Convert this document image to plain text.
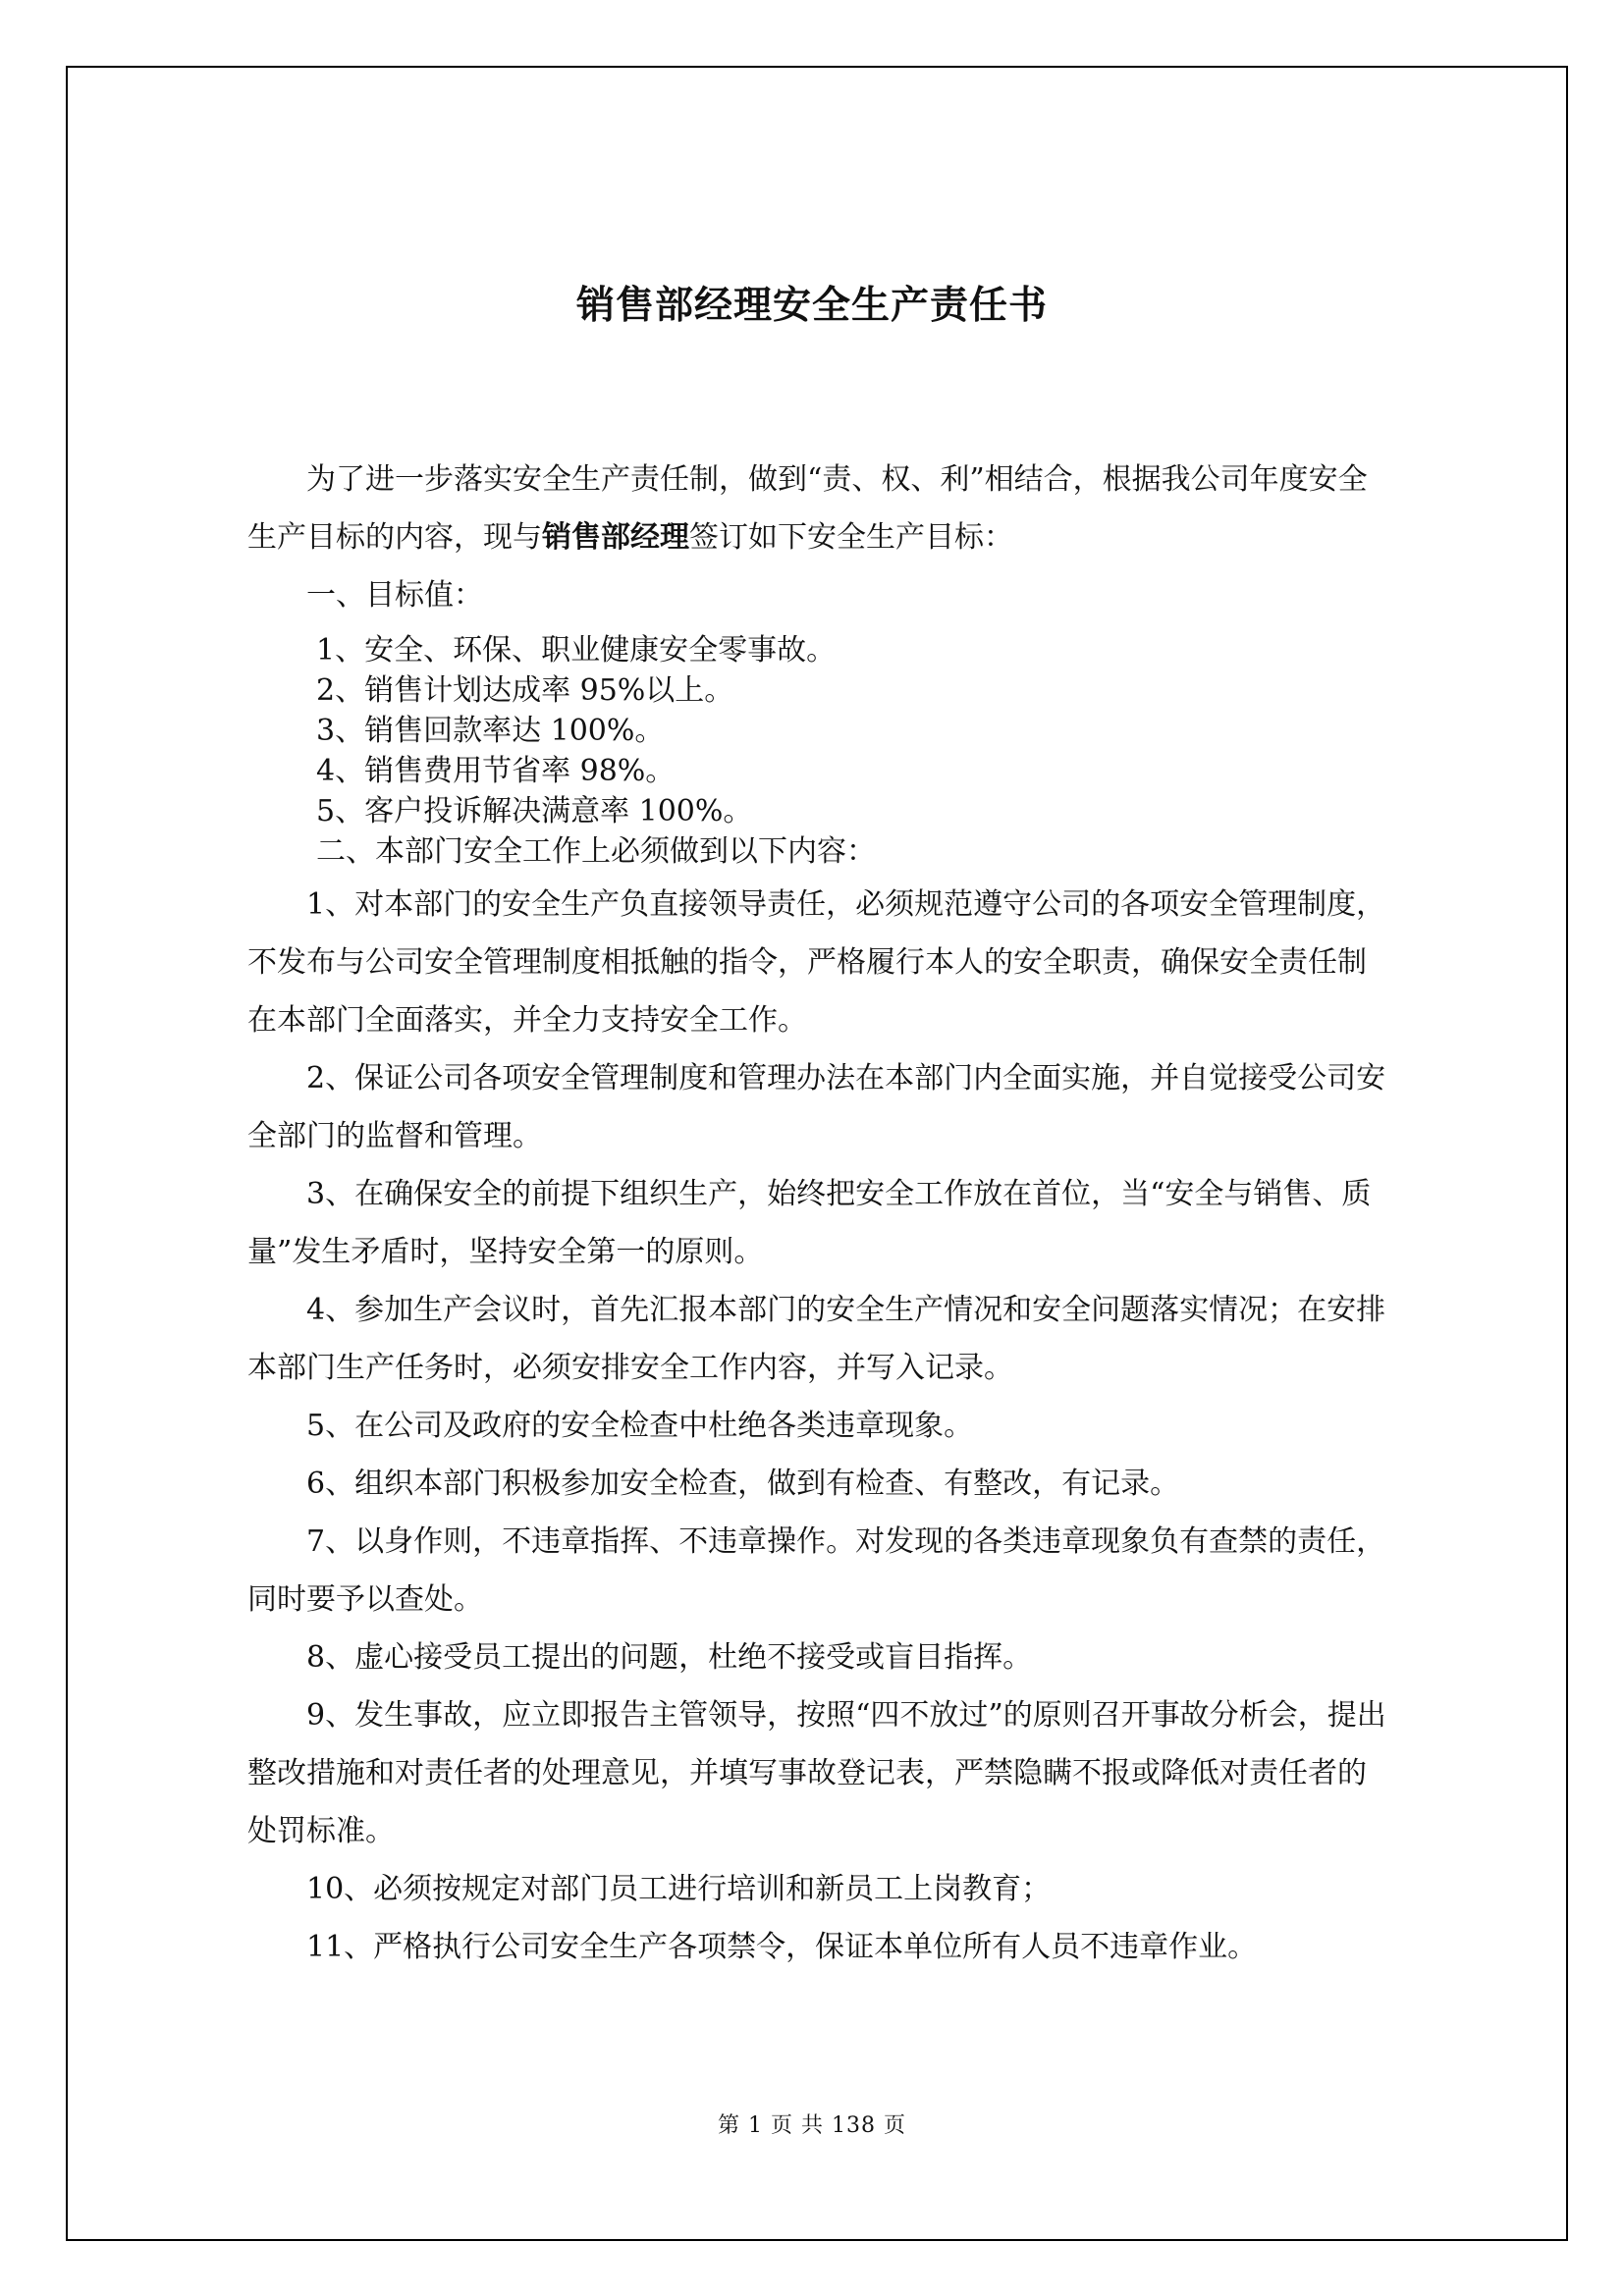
销售部经理安全生产责任书

为了进一步落实安全生产责任制，做到“责、权、利”相结合，根据我公司年度安全生产目标的内容，现与销售部经理签订如下安全生产目标：

一、目标值：

1、安全、环保、职业健康安全零事故。
2、销售计划达成率 95%以上。
3、销售回款率达 100%。
4、销售费用节省率 98%。
5、客户投诉解决满意率 100%。
二、本部门安全工作上必须做到以下内容：

1、对本部门的安全生产负直接领导责任，必须规范遵守公司的各项安全管理制度，不发布与公司安全管理制度相抵触的指令，严格履行本人的安全职责，确保安全责任制在本部门全面落实，并全力支持安全工作。

2、保证公司各项安全管理制度和管理办法在本部门内全面实施，并自觉接受公司安全部门的监督和管理。

3、在确保安全的前提下组织生产，始终把安全工作放在首位，当“安全与销售、质量”发生矛盾时，坚持安全第一的原则。

4、参加生产会议时，首先汇报本部门的安全生产情况和安全问题落实情况；在安排本部门生产任务时，必须安排安全工作内容，并写入记录。

5、在公司及政府的安全检查中杜绝各类违章现象。

6、组织本部门积极参加安全检查，做到有检查、有整改，有记录。

7、以身作则，不违章指挥、不违章操作。对发现的各类违章现象负有查禁的责任，同时要予以查处。

8、虚心接受员工提出的问题，杜绝不接受或盲目指挥。

9、发生事故，应立即报告主管领导，按照“四不放过”的原则召开事故分析会，提出整改措施和对责任者的处理意见，并填写事故登记表，严禁隐瞒不报或降低对责任者的处罚标准。

10、必须按规定对部门员工进行培训和新员工上岗教育；

11、严格执行公司安全生产各项禁令，保证本单位所有人员不违章作业。

第 1 页 共 138 页
